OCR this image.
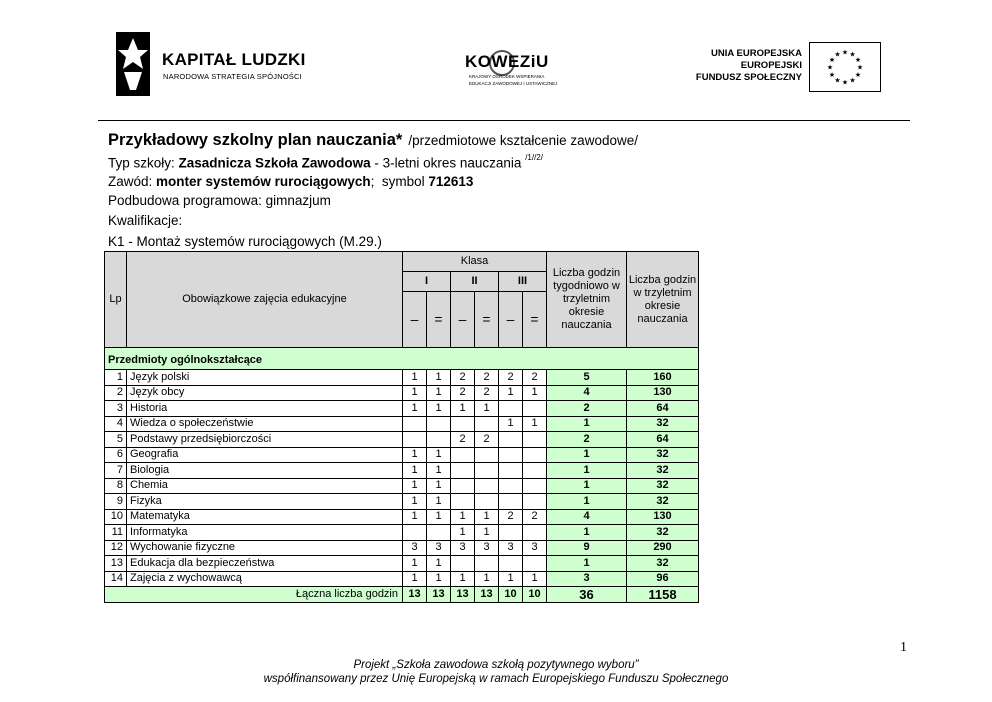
KAPITAŁ LUDZKI
NARODOWA STRATEGIA SPÓJNOŚCI
KOWEZiU
KRAJOWY OŚRODEK WSPIERANIA
EDUKACJI ZAWODOWEJ I USTAWICZNEJ
UNIA EUROPEJSKA
EUROPEJSKI
FUNDUSZ SPOŁECZNY
★
★
★
★
★
★
★
★
★ ★ ★
★
Przykładowy szkolny plan nauczania* /przedmiotowe kształcenie zawodowe/
Typ szkoły: Zasadnicza Szkoła Zawodowa - 3-letni okres nauczania $^{/1//2/}$
Zawód: monter systemów rurociągowych;  symbol 712613
Podbudowa programowa: gimnazjum
Kwalifikacje:
K1 - Montaż systemów rurociągowych (M.29.)
Lp	Obowiązkowe zajęcia edukacyjne	Klasa						Liczba godzin tygodniowo w trzyletnim okresie nauczania	Liczba godzin w trzyletnim okresie nauczania
		I		II		III			
		–	=	–	=	–	=		
Przedmioty ogólnokształcące									
1	Język polski	1	1	2	2	2	2	5	160
2	Język obcy	1	1	2	2	1	1	4	130
3	Historia	1	1	1	1			2	64
4	Wiedza o społeczeństwie					1	1	1	32
5	Podstawy przedsiębiorczości			2	2			2	64
6	Geografia	1	1					1	32
7	Biologia	1	1					1	32
8	Chemia	1	1					1	32
9	Fizyka	1	1					1	32
10	Matematyka	1	1	1	1	2	2	4	130
11	Informatyka			1	1			1	32
12	Wychowanie fizyczne	3	3	3	3	3	3	9	290
13	Edukacja dla bezpieczeństwa	1	1					1	32
14	Zajęcia z wychowawcą	1	1	1	1	1	1	3	96
Łączna liczba godzin		13	13	13	13	10	10	36	1158
1
Projekt „Szkoła zawodowa szkołą pozytywnego wyboru”
współfinansowany przez Unię Europejską w ramach Europejskiego Funduszu Społecznego
